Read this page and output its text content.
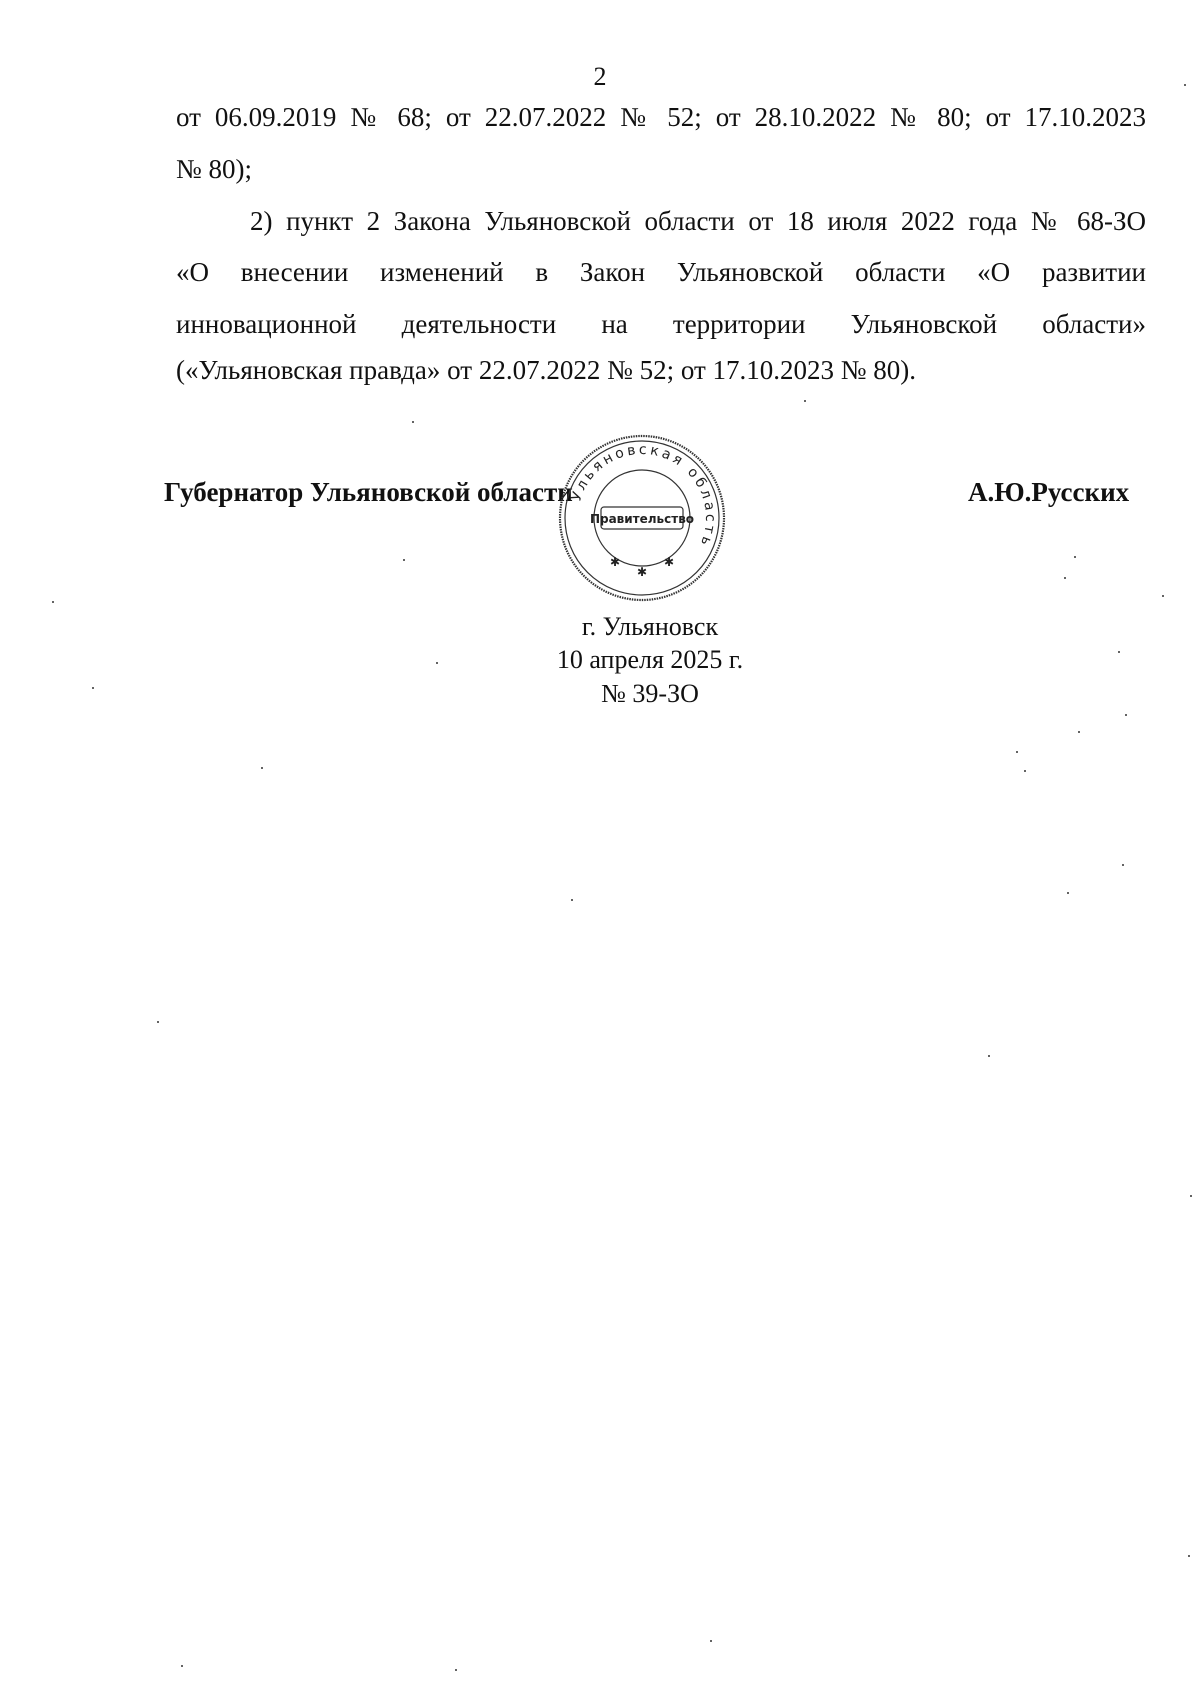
2
от 06.09.2019 № 68; от 22.07.2022 № 52; от 28.10.2022 № 80; от 17.10.2023
№ 80);
2) пункт 2 Закона Ульяновской области от 18 июля 2022 года № 68-ЗО
«О внесении изменений в Закон Ульяновской области «О развитии
инновационной деятельности на территории Ульяновской области»
(«Ульяновская правда» от 22.07.2022 № 52; от 17.10.2023 № 80).
Губернатор Ульяновской области	А.Ю.Русских
Ульяновская область
Правительство
✱
✱
✱
г. Ульяновск
10 апреля 2025 г.
№ 39-ЗО
